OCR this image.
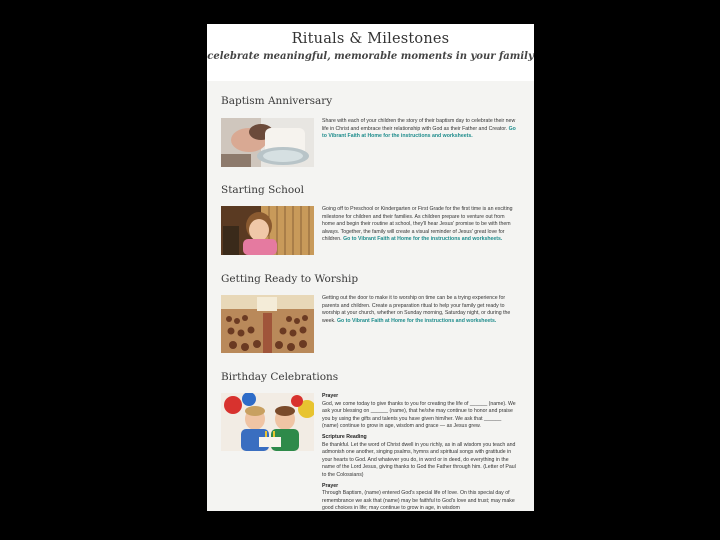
Rituals & Milestones
celebrate meaningful, memorable moments in your family
Baptism Anniversary
Share with each of your children the story of their baptism day to celebrate their new life in Christ and embrace their relationship with God as their Father and Creator. Go to Vibrant Faith at Home for the instructions and worksheets.
Starting School
Going off to Preschool or Kindergarten or First Grade for the first time is an exciting milestone for children and their families. As children prepare to venture out from home and begin their routine at school, they'll hear Jesus' promise to be with them always. Together, the family will create a visual reminder of Jesus' great love for children. Go to Vibrant Faith at Home for the instructions and worksheets.
Getting Ready to Worship
Getting out the door to make it to worship on time can be a trying experience for parents and children. Create a preparation ritual to help your family get ready to worship at your church, whether on Sunday morning, Saturday night, or during the week. Go to Vibrant Faith at Home for the instructions and worksheets.
Birthday Celebrations
Prayer
God, we come today to give thanks to you for creating the life of ______ (name). We ask your blessing on ______ (name), that he/she may continue to honor and praise you by using the gifts and talents you have given him/her. We ask that ______ (name) continue to grow in age, wisdom and grace — as Jesus grew.
Scripture Reading
Be thankful. Let the word of Christ dwell in you richly, as in all wisdom you teach and admonish one another, singing psalms, hymns and spiritual songs with gratitude in your hearts to God. And whatever you do, in word or in deed, do everything in the name of the Lord Jesus, giving thanks to God the Father through him. (Letter of Paul to the Colossians)
Prayer
Through Baptism, (name) entered God's special life of love. On this special day of remembrance we ask that (name) may be faithful to God's love and trust; may make good choices in life; may continue to grow in age, in wisdom
